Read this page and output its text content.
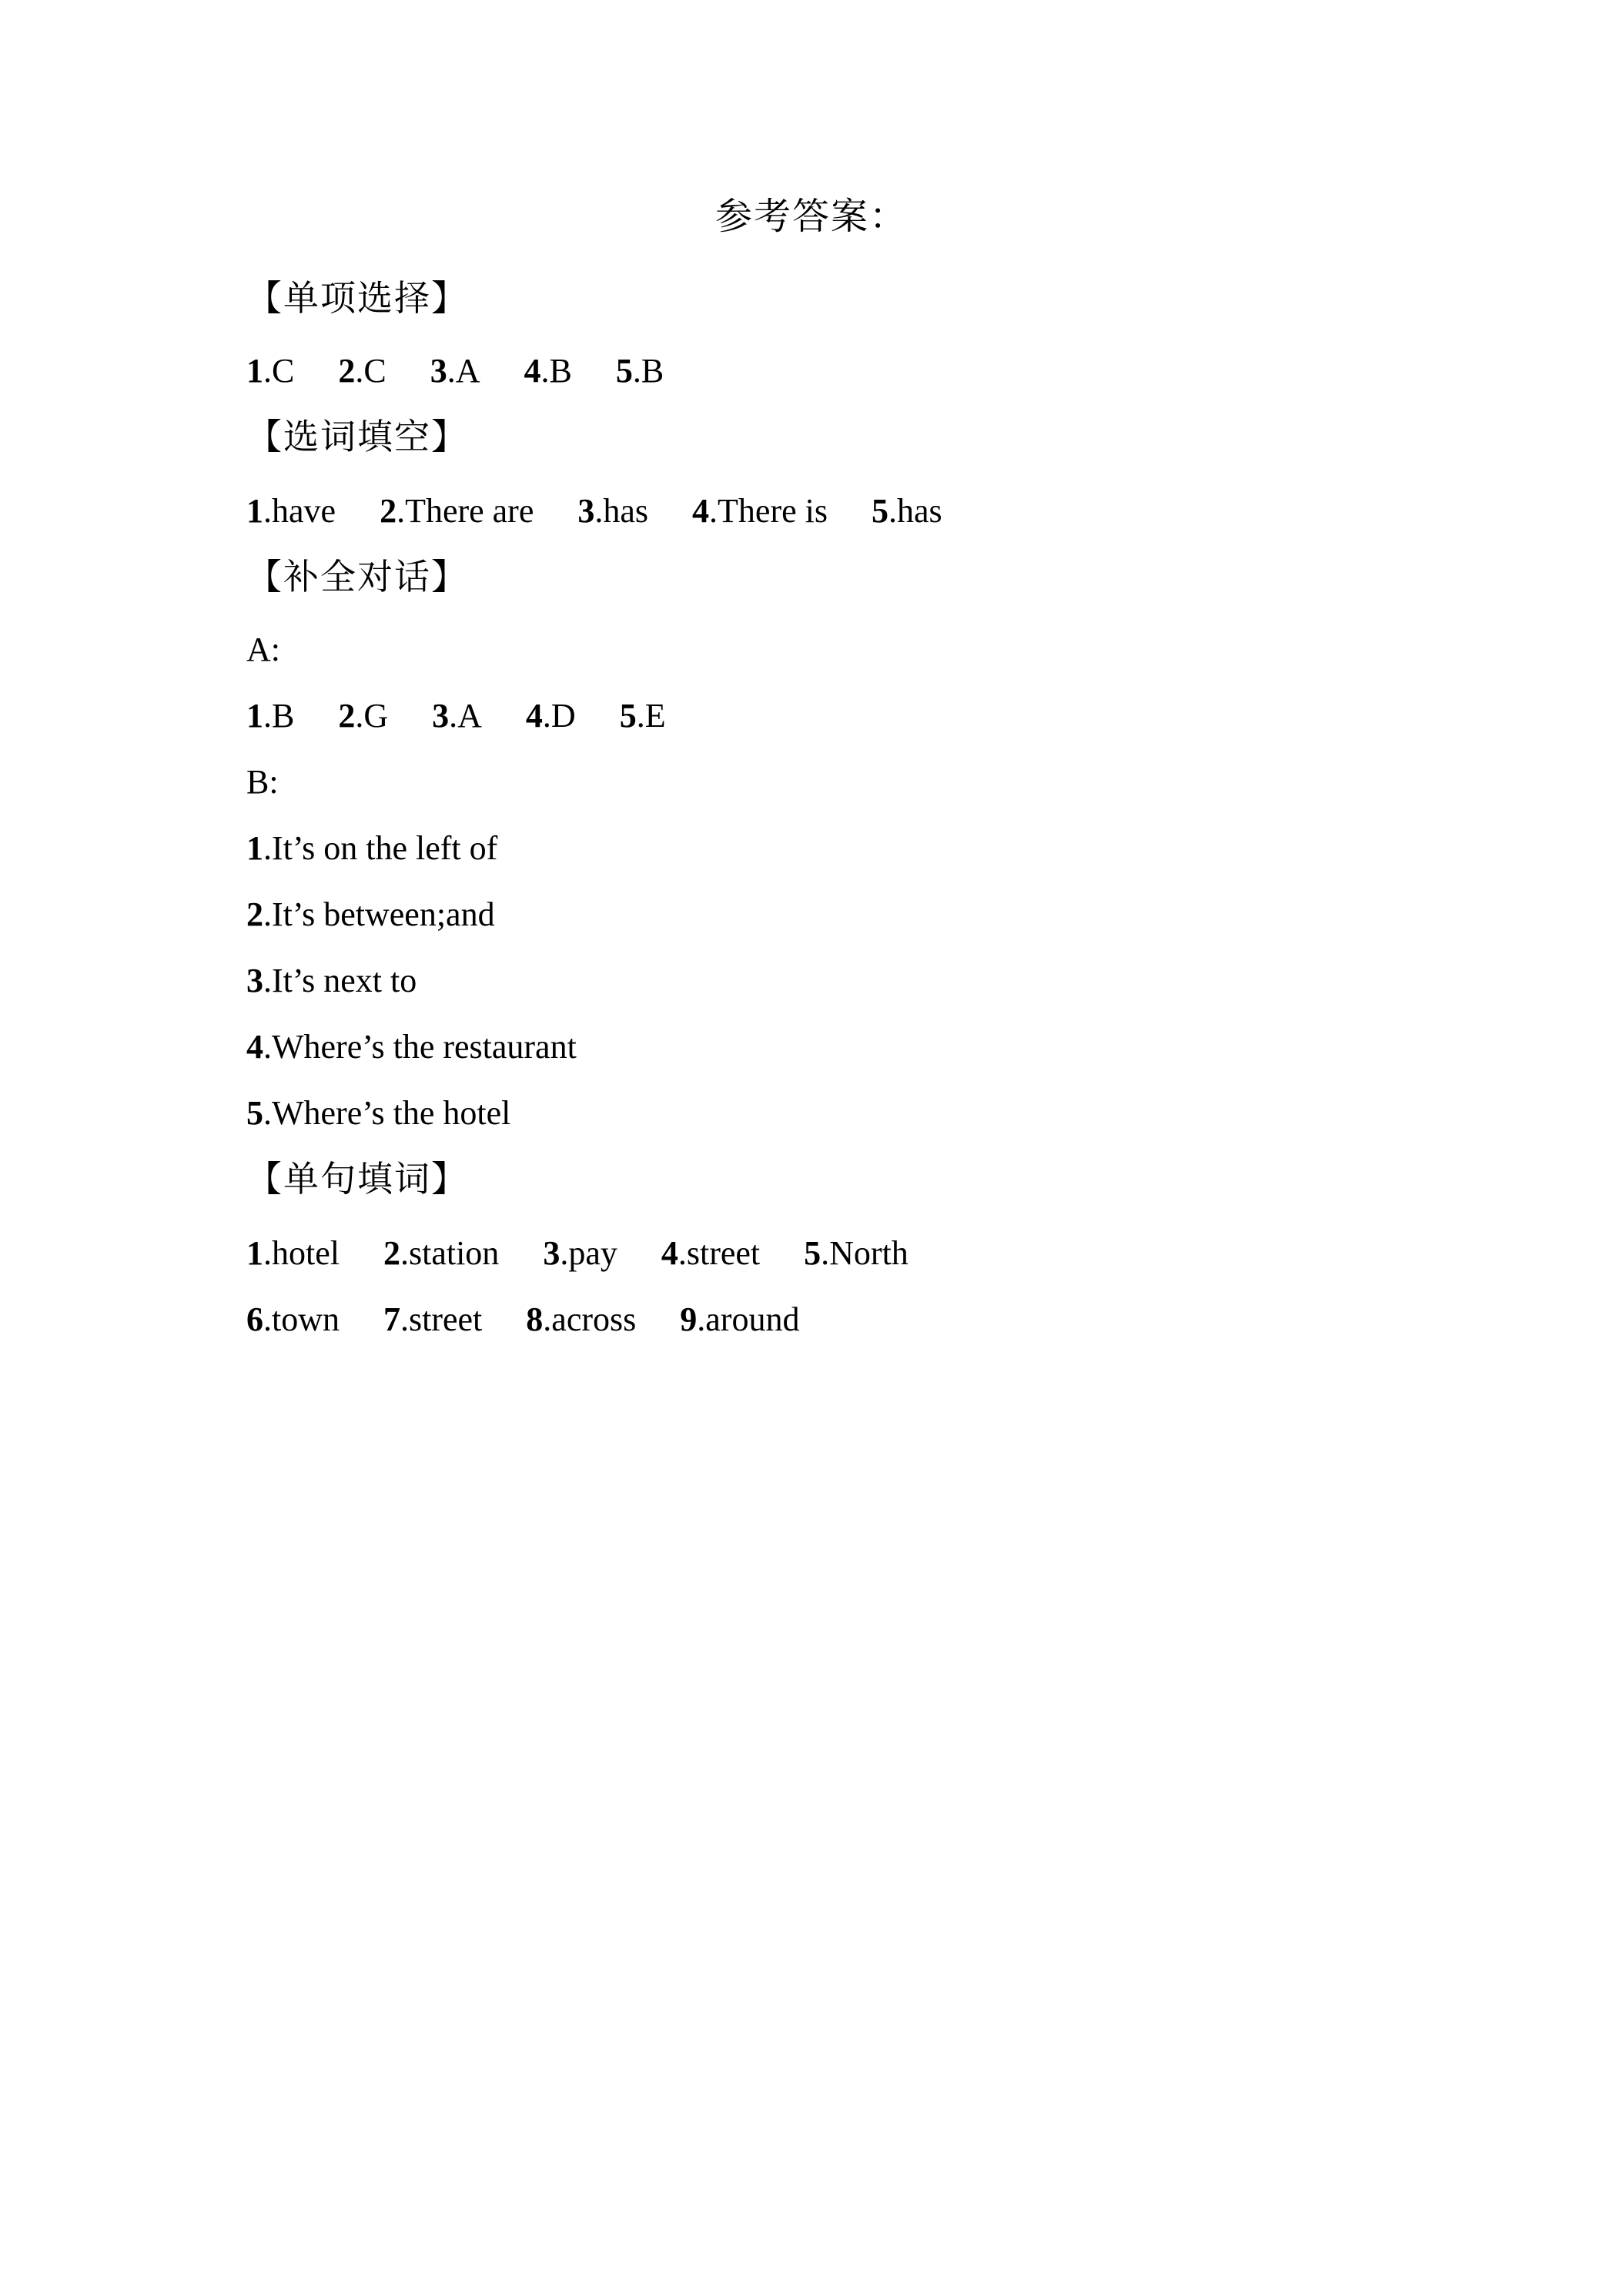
参考答案：
【单项选择】
1.C 2.C 3.A 4.B 5.B
【选词填空】
1.have 2.There are 3.has 4.There is 5.has
【补全对话】
A:
1.B 2.G 3.A 4.D 5.E
B:
1.It’s on the left of
2.It’s between;and
3.It’s next to
4.Where’s the restaurant
5.Where’s the hotel
【单句填词】
1.hotel 2.station 3.pay 4.street 5.North
6.town 7.street 8.across 9.around
